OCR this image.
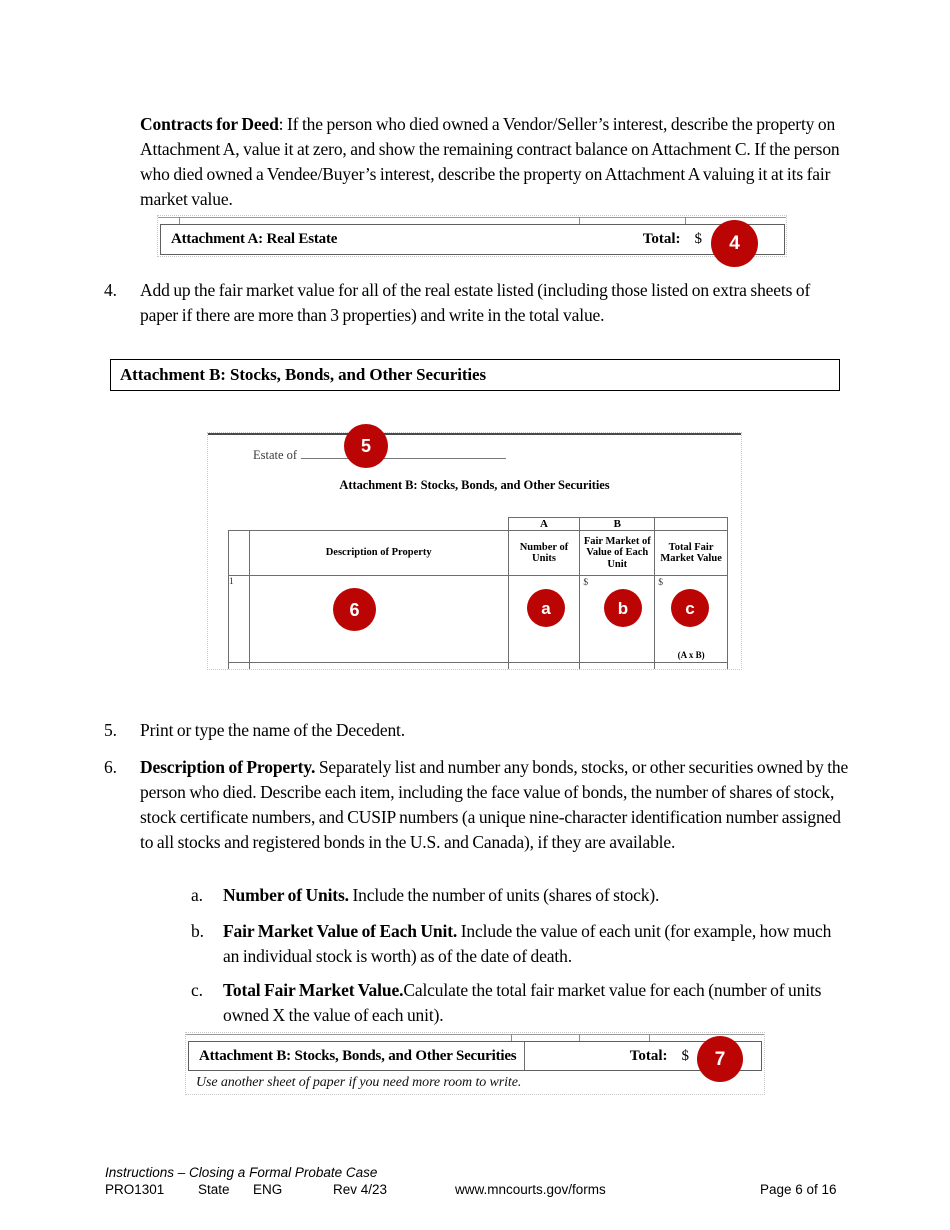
Contracts for Deed: If the person who died owned a Vendor/Seller’s interest, describe the property on Attachment A, value it at zero, and show the remaining contract balance on Attachment C. If the person who died owned a Vendee/Buyer’s interest, describe the property on Attachment A valuing it at its fair market value.
Attachment A: Real Estate	Total: $	4
4.	Add up the fair market value for all of the real estate listed (including those listed on extra sheets of paper if there are more than 3 properties) and write in the total value.
Attachment B: Stocks, Bonds, and Other Securities
Estate of
Attachment B: Stocks, Bonds, and Other Securities
		A	B	
	Description of Property	Number of Units	Fair Market of Value of Each Unit	Total Fair Market Value
1			$	$
(A x B)

5
6	a	b	c
5.	Print or type the name of the Decedent.
6.	Description of Property. Separately list and number any bonds, stocks, or other securities owned by the person who died. Describe each item, including the face value of bonds, the number of shares of stock, stock certificate numbers, and CUSIP numbers (a unique nine-character identification number assigned to all stocks and registered bonds in the U.S. and Canada), if they are available.
a.	Number of Units. Include the number of units (shares of stock).
b.	Fair Market Value of Each Unit. Include the value of each unit (for example, how much an individual stock is worth) as of the date of death.
c.	Total Fair Market Value.Calculate the total fair market value for each (number of units owned X the value of each unit).
Attachment B: Stocks, Bonds, and Other Securities	Total: $
Use another sheet of paper if you need more room to write.
7
Instructions – Closing a Formal Probate Case
PRO1301 State ENG	Rev 4/23	www.mncourts.gov/forms	Page 6 of 16
